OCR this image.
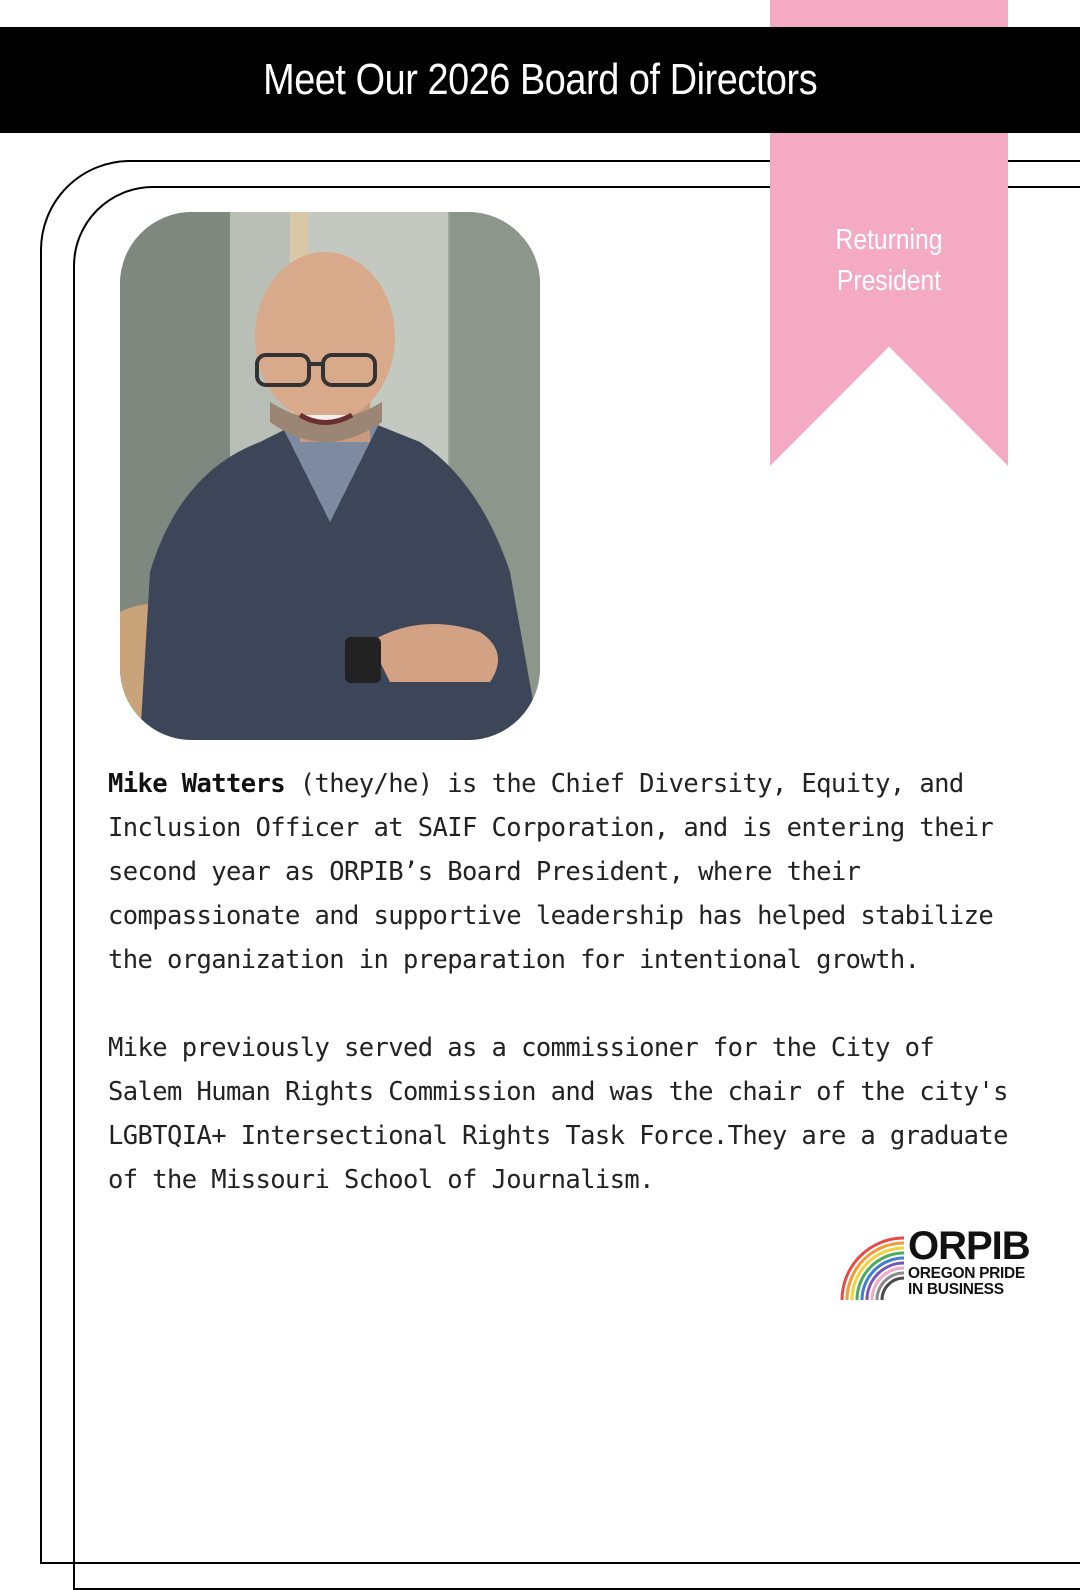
Meet Our 2026 Board of Directors
Returning
President

Mike Watters (they/he) is the Chief Diversity, Equity, and Inclusion Officer at SAIF Corporation, and is entering their second year as ORPIB’s Board President, where their compassionate and supportive leadership has helped stabilize the organization in preparation for intentional growth.

Mike previously served as a commissioner for the City of Salem Human Rights Commission and was the chair of the city's LGBTQIA+ Intersectional Rights Task Force.They are a graduate of the Missouri School of Journalism.

ORPIB
OREGON PRIDE
IN BUSINESS
